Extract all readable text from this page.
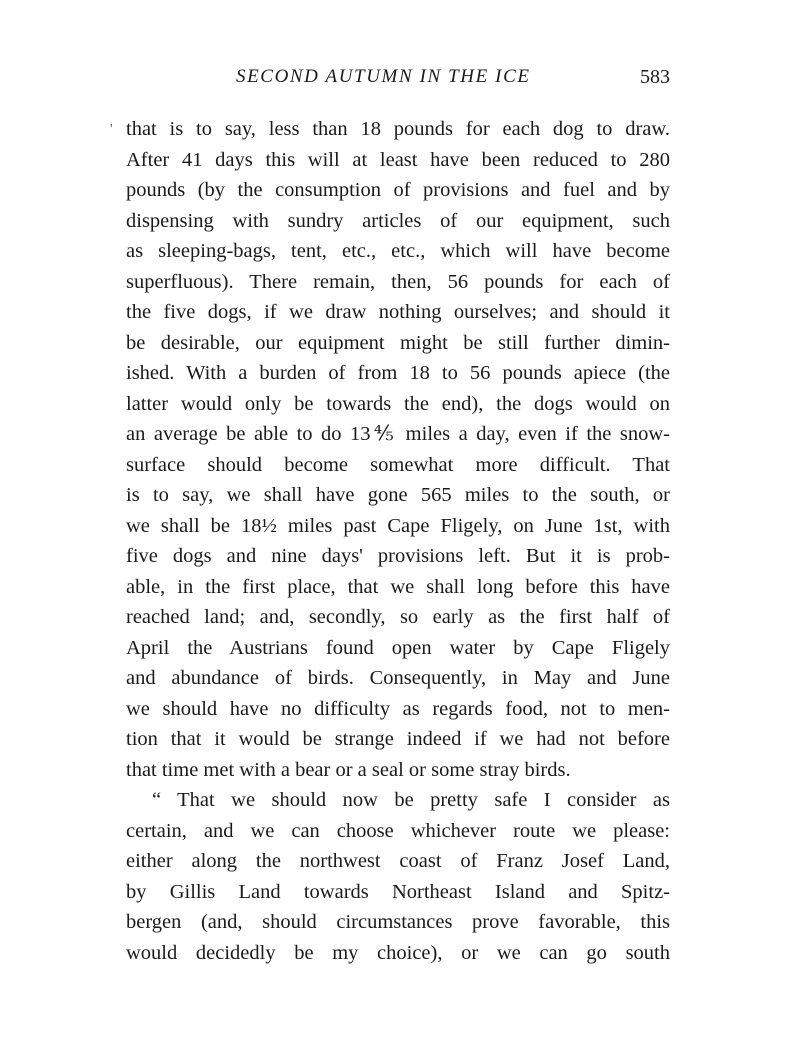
SECOND AUTUMN IN THE ICE	583
' that is to say, less than 18 pounds for each dog to draw.
After 41 days this will at least have been reduced to 280
pounds (by the consumption of provisions and fuel and by
dispensing with sundry articles of our equipment, such
as sleeping-bags, tent, etc., etc., which will have become
superfluous). There remain, then, 56 pounds for each of
the five dogs, if we draw nothing ourselves; and should it
be desirable, our equipment might be still further dimin-
ished. With a burden of from 18 to 56 pounds apiece (the
latter would only be towards the end), the dogs would on
an average be able to do 13⅘ miles a day, even if the snow-
surface should become somewhat more difficult. That
is to say, we shall have gone 565 miles to the south, or
we shall be 18½ miles past Cape Fligely, on June 1st, with
five dogs and nine days' provisions left. But it is prob-
able, in the first place, that we shall long before this have
reached land; and, secondly, so early as the first half of
April the Austrians found open water by Cape Fligely
and abundance of birds. Consequently, in May and June
we should have no difficulty as regards food, not to men-
tion that it would be strange indeed if we had not before
that time met with a bear or a seal or some stray birds.
“ That we should now be pretty safe I consider as
certain, and we can choose whichever route we please:
either along the northwest coast of Franz Josef Land,
by Gillis Land towards Northeast Island and Spitz-
bergen (and, should circumstances prove favorable, this
would decidedly be my choice), or we can go south
